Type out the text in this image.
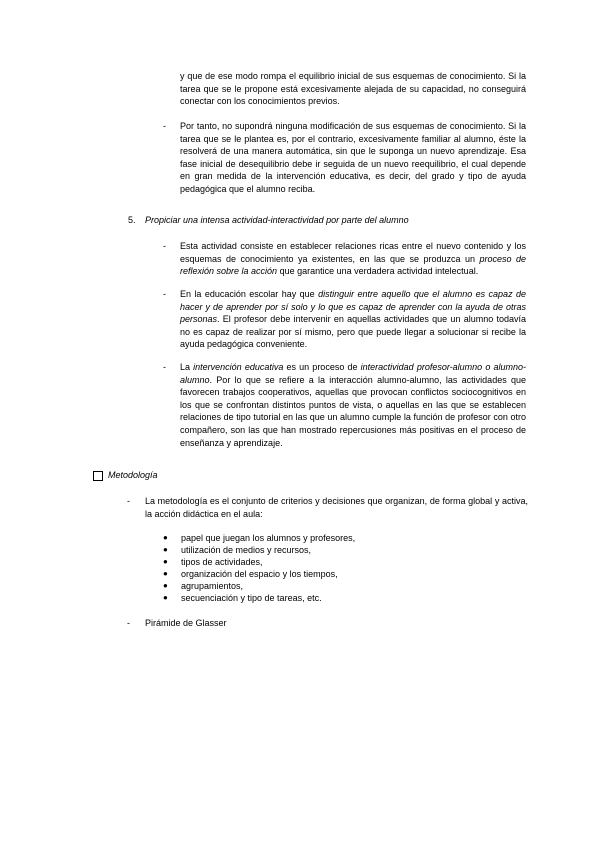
y que de ese modo rompa el equilibrio inicial de sus esquemas de conocimiento. Si la tarea que se le propone está excesivamente alejada de su capacidad, no conseguirá conectar con los conocimientos previos.

- Por tanto, no supondrá ninguna modificación de sus esquemas de conocimiento. Si la tarea que se le plantea es, por el contrario, excesivamente familiar al alumno, éste la resolverá de una manera automática, sin que le suponga un nuevo aprendizaje. Esa fase inicial de desequilibrio debe ir seguida de un nuevo reequilibrio, el cual depende en gran medida de la intervención educativa, es decir, del grado y tipo de ayuda pedagógica que el alumno reciba.

5. Propiciar una intensa actividad-interactividad por parte del alumno
- Esta actividad consiste en establecer relaciones ricas entre el nuevo contenido y los esquemas de conocimiento ya existentes, en las que se produzca un proceso de reflexión sobre la acción que garantice una verdadera actividad intelectual.

- En la educación escolar hay que distinguir entre aquello que el alumno es capaz de hacer y de aprender por sí solo y lo que es capaz de aprender con la ayuda de otras personas. El profesor debe intervenir en aquellas actividades que un alumno todavía no es capaz de realizar por sí mismo, pero que puede llegar a solucionar si recibe la ayuda pedagógica conveniente.

- La intervención educativa es un proceso de interactividad profesor-alumno o alumno-alumno. Por lo que se refiere a la interacción alumno-alumno, las actividades que favorecen trabajos cooperativos, aquellas que provocan conflictos sociocognitivos en los que se confrontan distintos puntos de vista, o aquellas en las que se establecen relaciones de tipo tutorial en las que un alumno cumple la función de profesor con otro compañero, son las que han mostrado repercusiones más positivas en el proceso de enseñanza y aprendizaje.

Metodología
- La metodología es el conjunto de criterios y decisiones que organizan, de forma global y activa, la acción didáctica en el aula:

● papel que juegan los alumnos y profesores,
● utilización de medios y recursos,
● tipos de actividades,
● organización del espacio y los tiempos,
● agrupamientos,
● secuenciación y tipo de tareas, etc.
- Pirámide de Glasser
